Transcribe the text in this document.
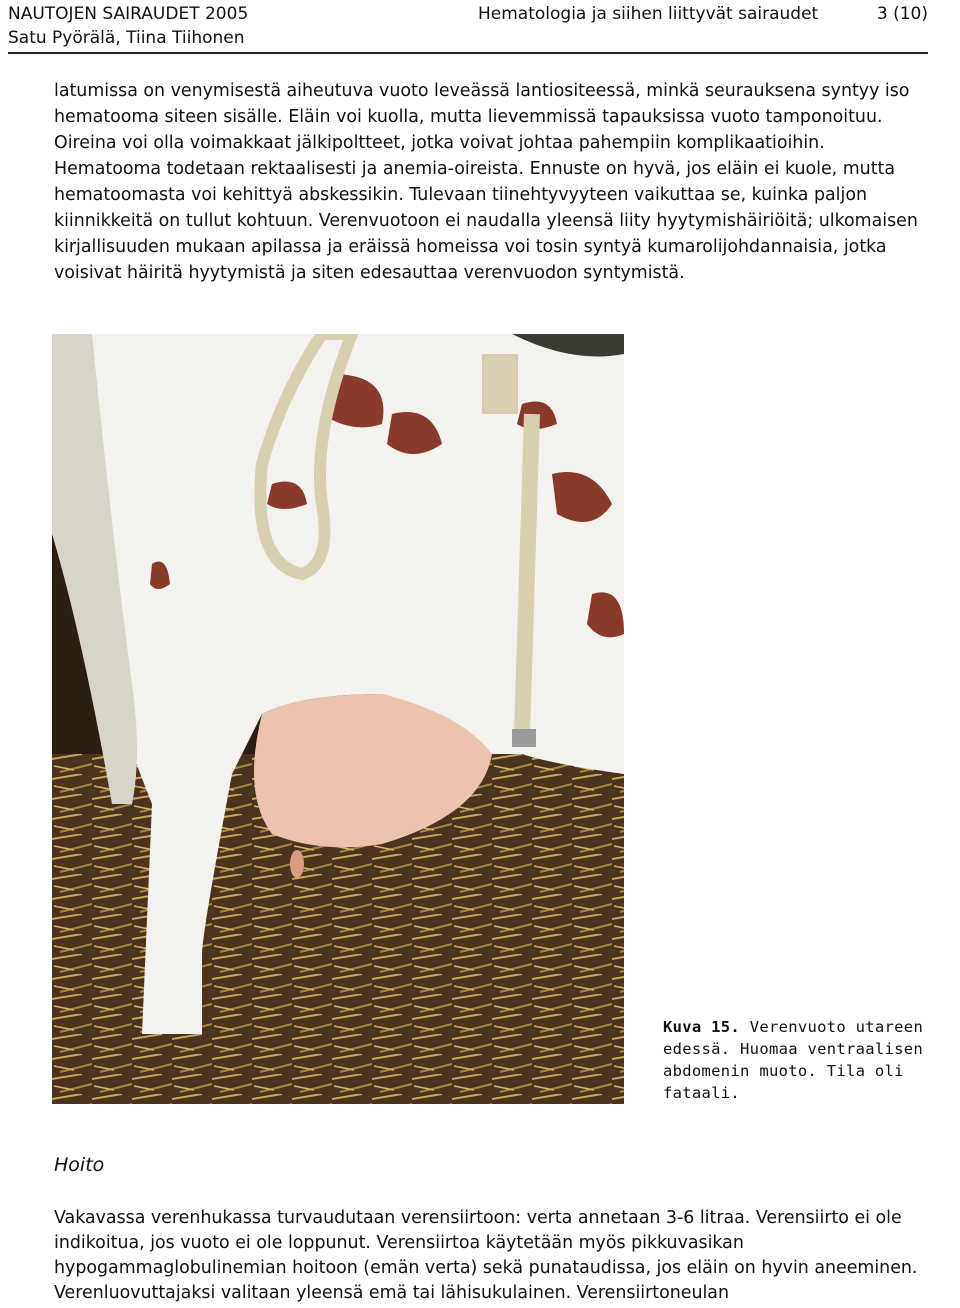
NAUTOJEN SAIRAUDET 2005
Satu Pyörälä, Tiina Tiihonen
Hematologia ja siihen liittyvät sairaudet	3 (10)

latumissa on venymisestä aiheutuva vuoto leveässä lantiositeessä, minkä seurauksena syntyy iso hematooma siteen sisälle. Eläin voi kuolla, mutta lievemmissä tapauksissa vuoto tamponoituu. Oireina voi olla voimakkaat jälkipoltteet, jotka voivat johtaa pahempiin komplikaatioihin. Hematooma todetaan rektaalisesti ja anemia-oireista. Ennuste on hyvä, jos eläin ei kuole, mutta hematoomasta voi kehittyä abskessikin. Tulevaan tiinehtyvyyteen vaikuttaa se, kuinka paljon kiinnikkeitä on tullut kohtuun. Verenvuotoon ei naudalla yleensä liity hyytymishäiriöitä; ulkomaisen kirjallisuuden mukaan apilassa ja eräissä homeissa voi tosin syntyä kumarolijohdannaisia, jotka voisivat häiritä hyytymistä ja siten edesauttaa verenvuodon syntymistä.

Kuva 15. Verenvuoto utareen edessä. Huomaa ventraalisen abdomenin muoto. Tila oli fataali.
Hoito

Vakavassa verenhukassa turvaudutaan verensiirtoon: verta annetaan 3-6 litraa. Verensiirto ei ole indikoitua, jos vuoto ei ole loppunut. Verensiirtoa käytetään myös pikkuvasikan hypogammaglobulinemian hoitoon (emän verta) sekä punataudissa, jos eläin on hyvin aneeminen. Verenluovuttajaksi valitaan yleensä emä tai lähisukulainen. Verensiirtoneulan
